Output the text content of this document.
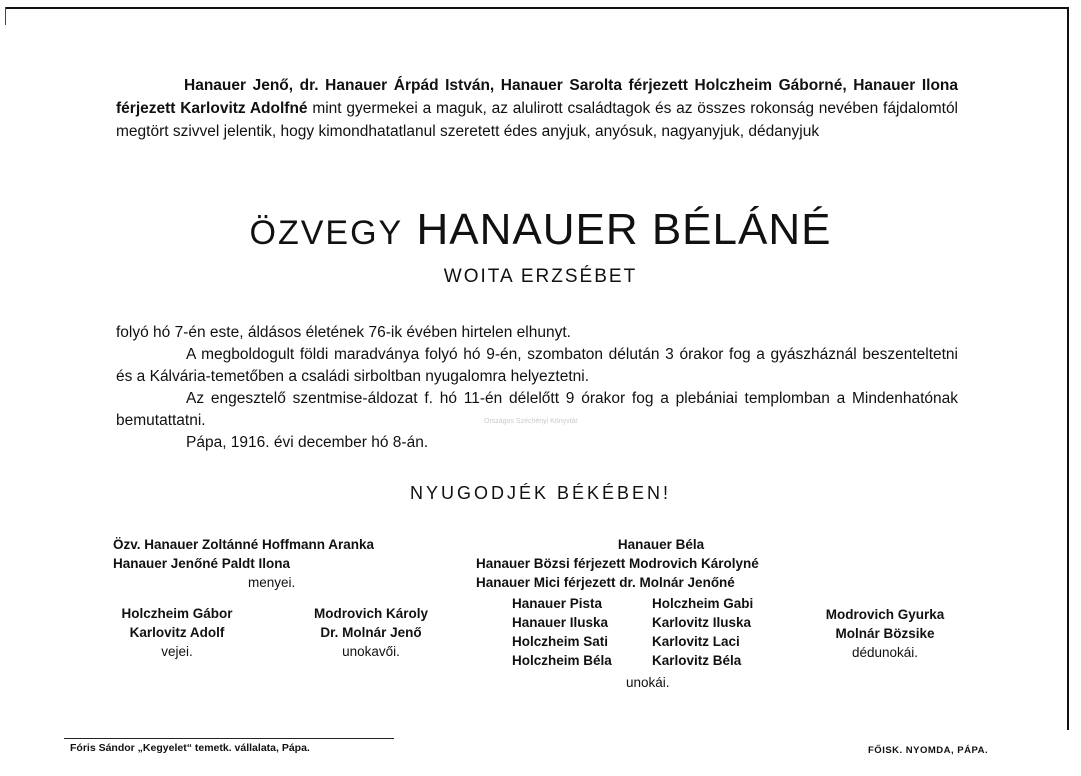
Hanauer Jenő, dr. Hanauer Árpád István, Hanauer Sarolta férjezett Holczheim Gáborné, Hanauer Ilona férjezett Karlovitz Adolfné mint gyermekei a maguk, az alulirott családtagok és az összes rokonság nevében fájdalomtól megtört szivvel jelentik, hogy kimondhatatlanul szeretett édes anyjuk, anyósuk, nagyanyjuk, dédanyjuk

ÖZVEGY HANAUER BÉLÁNÉ
WOITA ERZSÉBET

folyó hó 7-én este, áldásos életének 76-ik évében hirtelen elhunyt.

A megboldogult földi maradványa folyó hó 9-én, szombaton délután 3 órakor fog a gyászháznál beszenteltetni és a Kálvária-temetőben a családi sirboltban nyugalomra helyeztetni.

Az engesztelő szentmise-áldozat f. hó 11-én délelőtt 9 órakor fog a plebániai templomban a Mindenhatónak bemutattatni.

Pápa, 1916. évi december hó 8-án.

Országos Széchényi Könyvtár
NYUGODJÉK BÉKÉBEN!
Özv. Hanauer Zoltánné Hoffmann Aranka
Hanauer Jenőné Paldt Ilona
menyei.
Holczheim Gábor
Karlovitz Adolf
vejei.
Modrovich Károly
Dr. Molnár Jenő
unokavői.
Hanauer Béla
Hanauer Bözsi férjezett Modrovich Károlyné
Hanauer Mici férjezett dr. Molnár Jenőné
Hanauer Pista
Hanauer Iluska
Holczheim Sati
Holczheim Béla
Holczheim Gabi
Karlovitz Iluska
Karlovitz Laci
Karlovitz Béla
unokái.
Modrovich Gyurka
Molnár Bözsike
dédunokái.
Fóris Sándor „Kegyelet“ temetk. vállalata, Pápa.	FŐISK. NYOMDA, PÁPA.
